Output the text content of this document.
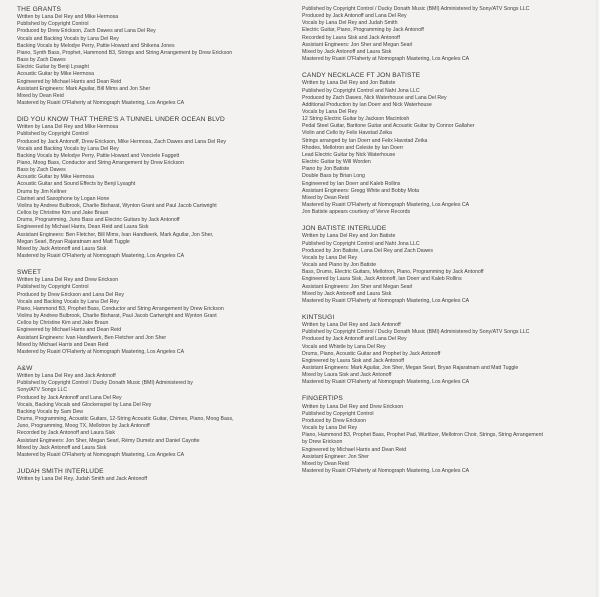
THE GRANTS
Written by Lana Del Rey and Mike Hermosa
Published by Copyright Control
Produced by Drew Erickson, Zach Dawes and Lana Del Rey
Vocals and Backing Vocals by Lana Del Rey
Backing Vocals by Melodye Perry, Pattie Howard and Shikena Jones
Piano, Synth Bass, Prophet, Hammond B3, Strings and String Arrangement by Drew Erickson
Bass by Zach Dawes
Electric Guitar by Benji Lysaght
Acoustic Guitar by Mike Hermosa
Engineered by Michael Harris and Dean Reid
Assistant Engineers: Mark Aguilar, Bill Mims and Jon Sher
Mixed by Dean Reid
Mastered by Ruairi O'Flaherty at Nomograph Mastering, Los Angeles CA
DID YOU KNOW THAT THERE'S A TUNNEL UNDER OCEAN BLVD
Written by Lana Del Rey and Mike Hermosa
Published by Copyright Control
Produced by Jack Antonoff, Drew Erickson, Mike Hermosa, Zach Dawes and Lana Del Rey
Vocals and Backing Vocals by Lana Del Rey
Backing Vocals by Melodye Perry, Pattie Howard and Vonciele Faggett
Piano, Moog Bass, Conductor and String Arrangement by Drew Erickson
Bass by Zach Dawes
Acoustic Guitar by Mike Hermosa
Acoustic Guitar and Sound Effects by Benji Lysaght
Drums by Jim Keltner
Clarinet and Saxophone by Logan Hone
Violins by Andrew Bulbrook, Charlie Bisharat, Wynton Grant and Paul Jacob Cartwright
Cellos by Christine Kim and Jake Braun
Drums, Programming, Juno Bass and Electric Guitars by Jack Antonoff
Engineered by Michael Harris, Dean Reid and Laura Sisk
Assistant Engineers: Ben Fletcher, Bill Mims, Ivan Handlwerk, Mark Aguilar, Jon Sher,
Megan Searl, Bryan Rajaratnam and Matt Tuggle
Mixed by Jack Antonoff and Laura Sisk
Mastered by Ruairi O'Flaherty at Nomograph Mastering, Los Angeles CA
SWEET
Written by Lana Del Rey and Drew Erickson
Published by Copyright Control
Produced by Drew Erickson and Lana Del Rey
Vocals and Backing Vocals by Lana Del Rey
Piano, Hammond B3, Prophet Bass, Conductor and String Arrangement by Drew Erickson
Violins by Andrew Bulbrook, Charlie Bisharat, Paul Jacob Cartwright and Wynton Grant
Cellos by Christine Kim and Jake Braun
Engineered by Michael Harris and Dean Reid
Assistant Engineers: Ivan Handlwerk, Ben Fletcher and Jon Sher
Mixed by Michael Harris and Dean Reid
Mastered by Ruairi O'Flaherty at Nomograph Mastering, Los Angeles CA
A&W
Written by Lana Del Rey and Jack Antonoff
Published by Copyright Control / Ducky Donath Music (BMI) Administered by
Sony/ATV Songs LLC
Produced by Jack Antonoff and Lana Del Rey
Vocals, Backing Vocals and Glockenspiel by Lana Del Rey
Backing Vocals by Sam Dew
Drums, Programming, Acoustic Guitars, 12-String Acoustic Guitar, Chimes, Piano, Moog Bass,
Juno, Programming, Moog TX, Mellotron by Jack Antonoff
Recorded by Jack Antonoff and Laura Sisk
Assistant Engineers: Jon Sher, Megan Searl, Rémy Dumelz and Daniel Cayotte
Mixed by Jack Antonoff and Laura Sisk
Mastered by Ruairi O'Flaherty at Nomograph Mastering, Los Angeles CA
JUDAH SMITH INTERLUDE
Written by Lana Del Rey, Judah Smith and Jack Antonoff
Published by Copyright Control / Ducky Donath Music (BMI) Administered by Sony/ATV Songs LLC
Produced by Jack Antonoff and Lana Del Rey
Vocals by Lana Del Rey and Judah Smith
Electric Guitar, Piano, Programming by Jack Antonoff
Recorded by Laura Sisk and Jack Antonoff
Assistant Engineers: Jon Sher and Megan Searl
Mixed by Jack Antonoff and Laura Sisk
Mastered by Ruairi O'Flaherty at Nomograph Mastering, Los Angeles CA
CANDY NECKLACE FT JON BATISTE
Written by Lana Del Rey and Jon Batiste
Published by Copyright Control and Naht Jona LLC
Produced by Zach Dawes, Nick Waterhouse and Lana Del Rey
Additional Production by Ian Doerr and Nick Waterhouse
Vocals by Lana Del Rey
12 String Electric Guitar by Jackson Macintosh
Pedal Steel Guitar, Baritone Guitar and Acoustic Guitar by Connor Gallaher
Violin and Cello by Felix Havstad Zeika
Strings arranged by Ian Doerr and Felix Havstad Zeika
Rhodes, Mellotron and Celeste by Ian Doerr
Lead Electric Guitar by Nick Waterhouse
Electric Guitar by Will Worden
Piano by Jon Batiste
Double Bass by Brian Long
Engineered by Ian Doerr and Kaleb Rollins
Assistant Engineers: Gregg White and Bobby Mota
Mixed by Dean Reid
Mastered by Ruairi O'Flaherty at Nomograph Mastering, Los Angeles CA
Jon Batiste appears courtesy of Verve Records
JON BATISTE INTERLUDE
Written by Lana Del Rey and Jon Batiste
Published by Copyright Control and Naht Jona LLC
Produced by Jon Batiste, Lana Del Rey and Zach Dawes
Vocals by Lana Del Rey
Vocals and Piano by Jon Batiste
Bass, Drums, Electric Guitars, Mellotron, Piano, Programming by Jack Antonoff
Engineered by Laura Sisk, Jack Antonoff, Ian Doerr and Kaleb Rollins
Assistant Engineers: Jon Sher and Megan Searl
Mixed by Jack Antonoff and Laura Sisk
Mastered by Ruairi O'Flaherty at Nomograph Mastering, Los Angeles CA
KINTSUGI
Written by Lana Del Rey and Jack Antonoff
Published by Copyright Control / Ducky Donath Music (BMI) Administered by Sony/ATV Songs LLC
Produced by Jack Antonoff and Lana Del Rey
Vocals and Whistle by Lana Del Rey
Drums, Piano, Acoustic Guitar and Prophet by Jack Antonoff
Engineered by Laura Sisk and Jack Antonoff
Assistant Engineers: Mark Aguilar, Jon Sher, Megan Searl, Bryan Rajaratnam and Matt Tuggle
Mixed by Laura Sisk and Jack Antonoff
Mastered by Ruairi O'Flaherty at Nomograph Mastering, Los Angeles CA
FINGERTIPS
Written by Lana Del Rey and Drew Erickson
Published by Copyright Control
Produced by Drew Erickson
Vocals by Lana Del Rey
Piano, Hammond B3, Prophet Bass, Prophet Pad, Wurlitzer, Mellotron Choir, Strings, String Arrangement
by Drew Erickson
Engineered by Michael Harris and Dean Reid
Assistant Engineer: Jon Sher
Mixed by Dean Reid
Mastered by Ruairi O'Flaherty at Nomograph Mastering, Los Angeles CA
